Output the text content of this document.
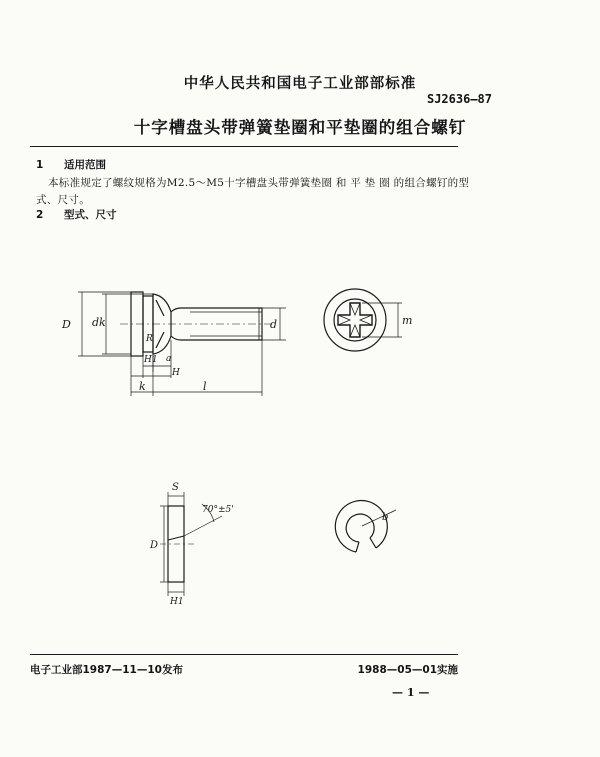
中华人民共和国电子工业部部标准
SJ2636—87
十字槽盘头带弹簧垫圈和平垫圈的组合螺钉
1 适用范围
本标准规定了螺纹规格为M2.5～M5十字槽盘头带弹簧垫圈 和 平 垫 圈 的组合螺钉的型
式、尺寸。
2 型式、尺寸
D dk	d
k	l
H1
H
a
R
m
S
70°±5'
D
H1
b
电子工业部1987—11—10发布	1988—05—01实施
— 1 —
